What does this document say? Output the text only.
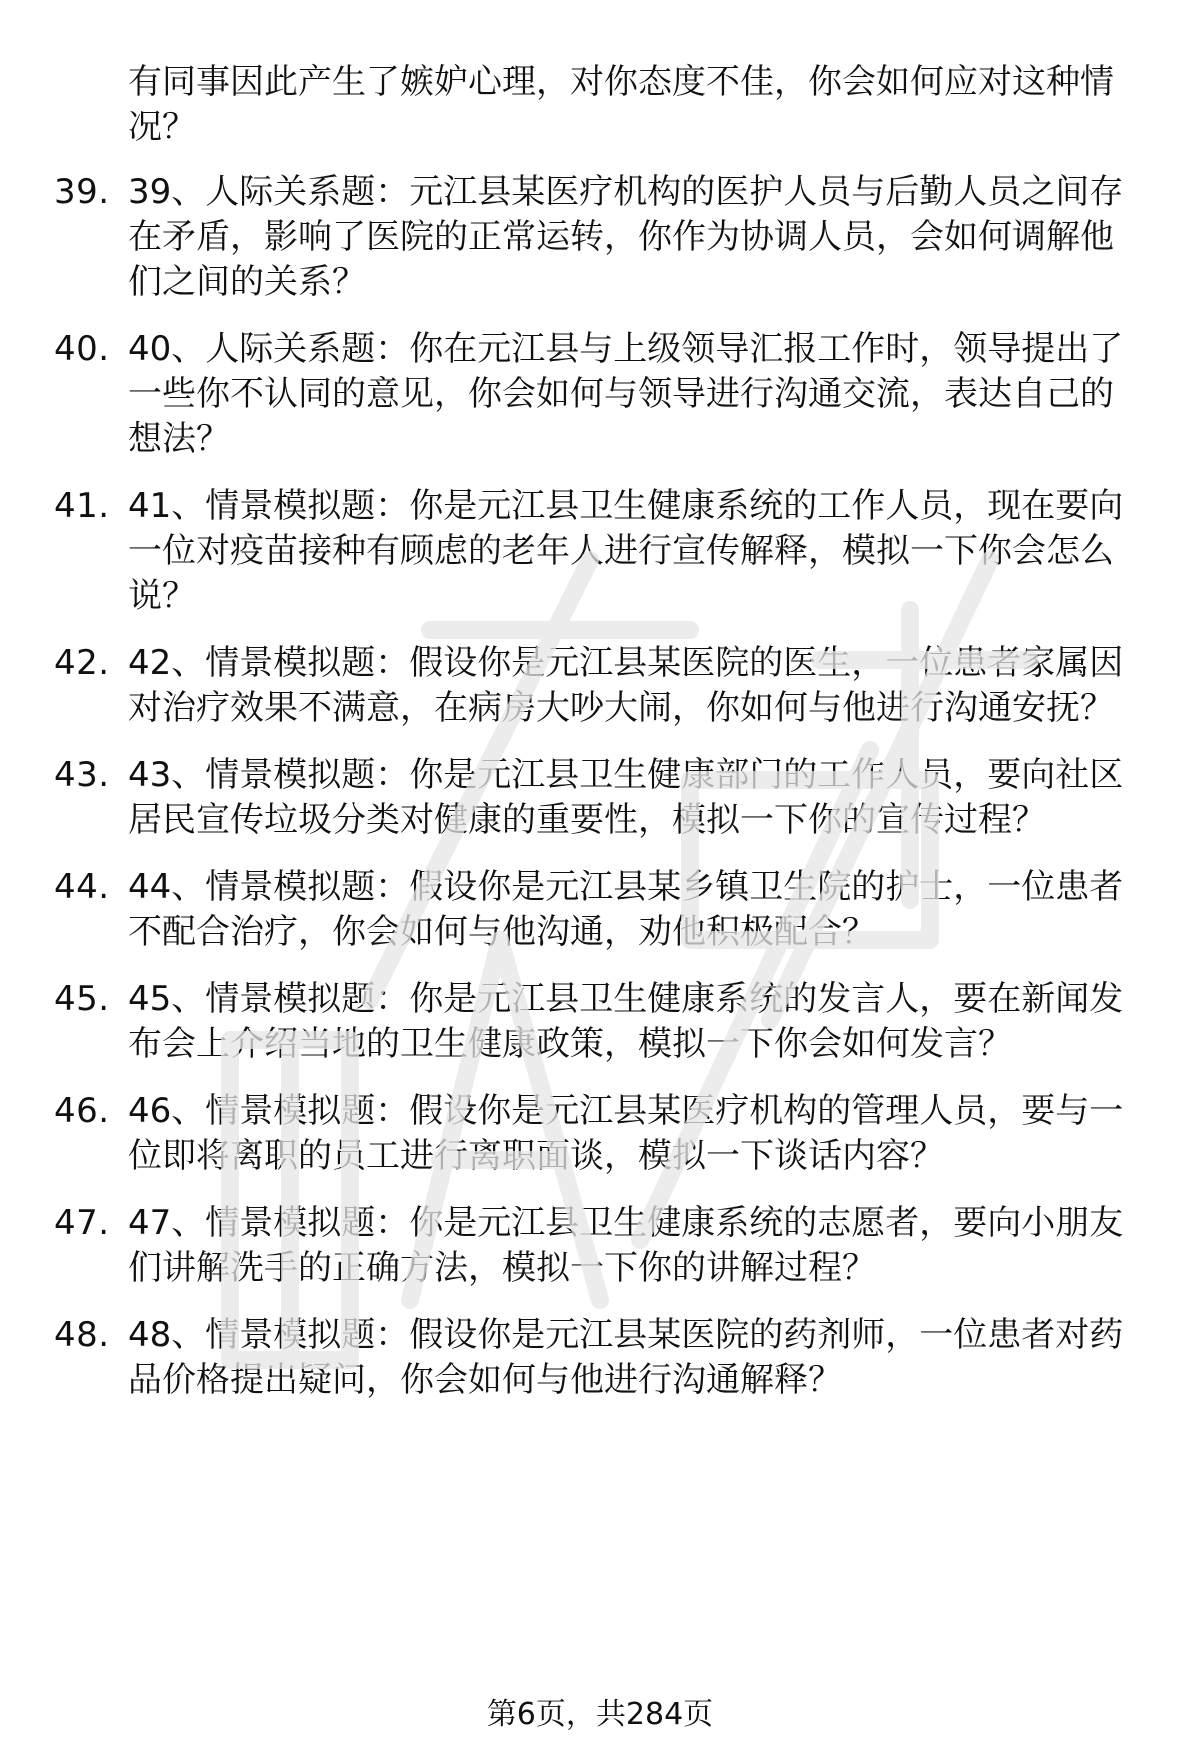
有同事因此产生了嫉妒心理，对你态度不佳，你会如何应对这种情况？

39. 39、人际关系题：元江县某医疗机构的医护人员与后勤人员之间存在矛盾，影响了医院的正常运转，你作为协调人员，会如何调解他们之间的关系？
40. 40、人际关系题：你在元江县与上级领导汇报工作时，领导提出了一些你不认同的意见，你会如何与领导进行沟通交流，表达自己的想法？
41. 41、情景模拟题：你是元江县卫生健康系统的工作人员，现在要向一位对疫苗接种有顾虑的老年人进行宣传解释，模拟一下你会怎么说？
42. 42、情景模拟题：假设你是元江县某医院的医生，一位患者家属因对治疗效果不满意，在病房大吵大闹，你如何与他进行沟通安抚？
43. 43、情景模拟题：你是元江县卫生健康部门的工作人员，要向社区居民宣传垃圾分类对健康的重要性，模拟一下你的宣传过程？
44. 44、情景模拟题：假设你是元江县某乡镇卫生院的护士，一位患者不配合治疗，你会如何与他沟通，劝他积极配合？
45. 45、情景模拟题：你是元江县卫生健康系统的发言人，要在新闻发布会上介绍当地的卫生健康政策，模拟一下你会如何发言？
46. 46、情景模拟题：假设你是元江县某医疗机构的管理人员，要与一位即将离职的员工进行离职面谈，模拟一下谈话内容？
47. 47、情景模拟题：你是元江县卫生健康系统的志愿者，要向小朋友们讲解洗手的正确方法，模拟一下你的讲解过程？
48. 48、情景模拟题：假设你是元江县某医院的药剂师，一位患者对药品价格提出疑问，你会如何与他进行沟通解释？
第6页，共284页
